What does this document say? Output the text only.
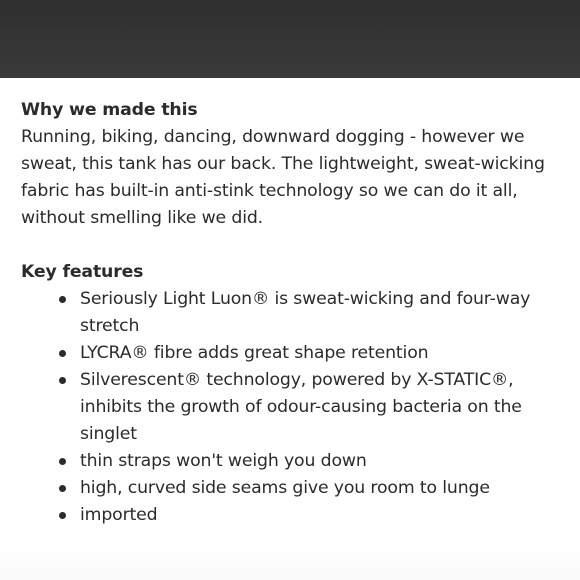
Why we made this

Running, biking, dancing, downward dogging - however we sweat, this tank has our back. The lightweight, sweat-wicking fabric has built-in anti-stink technology so we can do it all, without smelling like we did.

Key features

Seriously Light Luon® is sweat-wicking and four-way stretch
LYCRA® fibre adds great shape retention
Silverescent® technology, powered by X-STATIC®, inhibits the growth of odour-causing bacteria on the singlet
thin straps won't weigh you down
high, curved side seams give you room to lunge
imported
